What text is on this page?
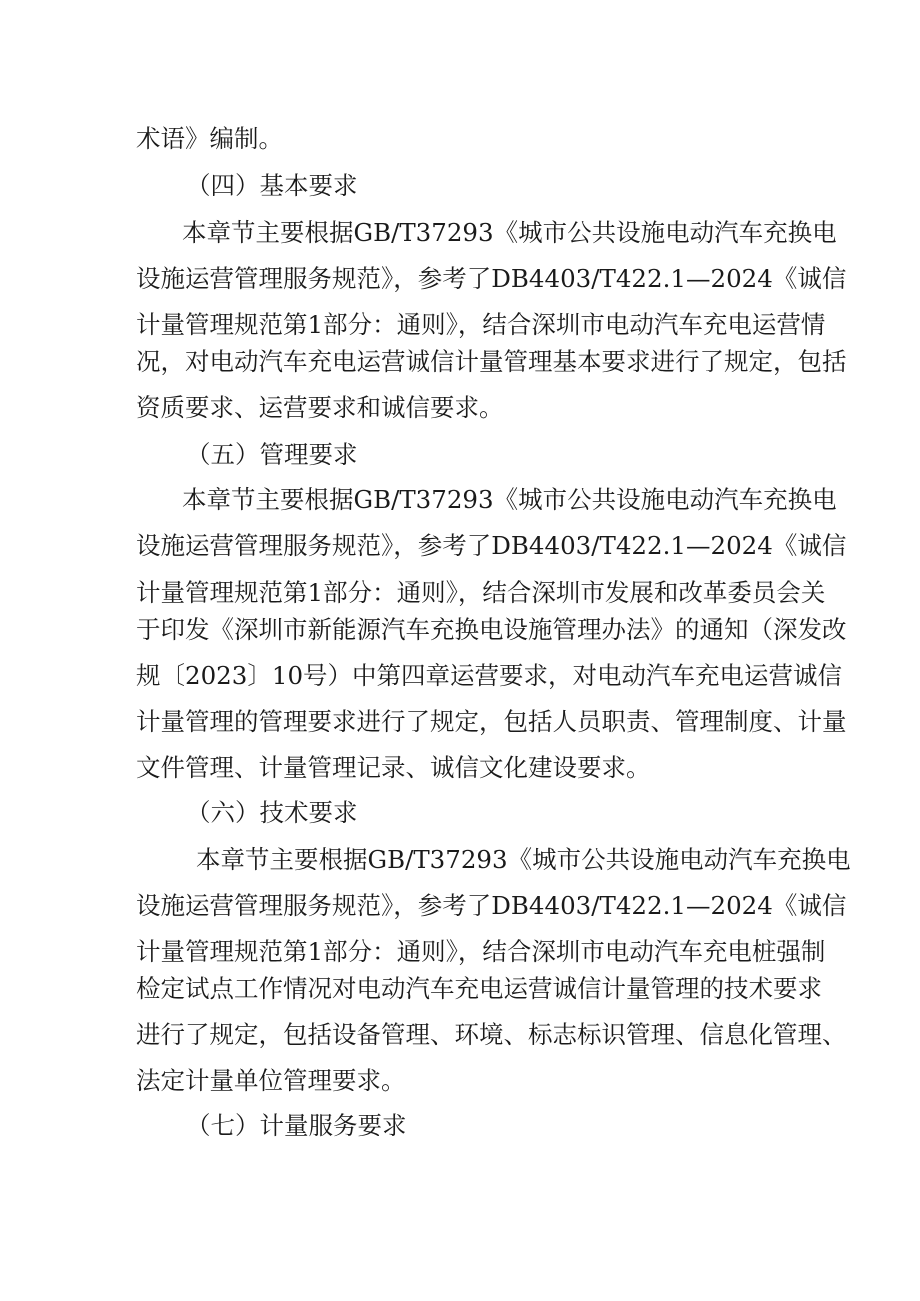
术语》编制。
（四）基本要求
本章节主要根据GB/T37293《城市公共设施电动汽车充换电
设施运营管理服务规范》，参考了DB4403/T422.1—2024《诚信
计量管理规范第1部分：通则》，结合深圳市电动汽车充电运营情
况，对电动汽车充电运营诚信计量管理基本要求进行了规定，包括
资质要求、运营要求和诚信要求。
（五）管理要求
本章节主要根据GB/T37293《城市公共设施电动汽车充换电
设施运营管理服务规范》，参考了DB4403/T422.1—2024《诚信
计量管理规范第1部分：通则》，结合深圳市发展和改革委员会关
于印发《深圳市新能源汽车充换电设施管理办法》的通知（深发改
规〔2023〕10号）中第四章运营要求，对电动汽车充电运营诚信
计量管理的管理要求进行了规定，包括人员职责、管理制度、计量
文件管理、计量管理记录、诚信文化建设要求。
（六）技术要求
本章节主要根据GB/T37293《城市公共设施电动汽车充换电
设施运营管理服务规范》，参考了DB4403/T422.1—2024《诚信
计量管理规范第1部分：通则》，结合深圳市电动汽车充电桩强制
检定试点工作情况对电动汽车充电运营诚信计量管理的技术要求
进行了规定，包括设备管理、环境、标志标识管理、信息化管理、
法定计量单位管理要求。
（七）计量服务要求
